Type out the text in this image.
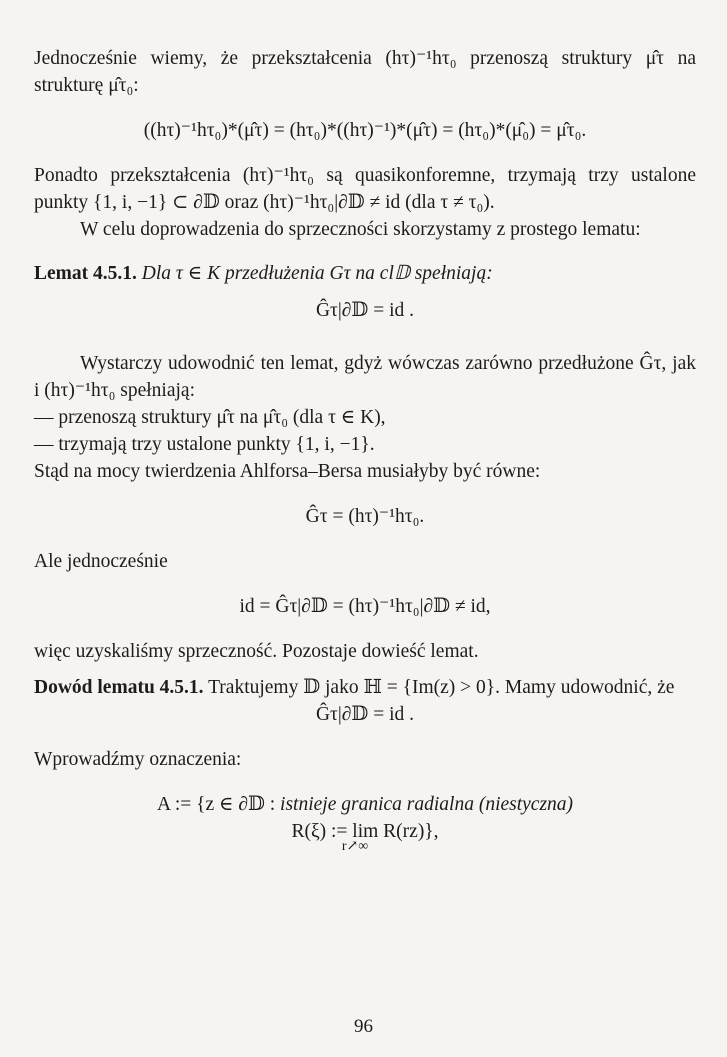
Jednocześnie wiemy, że przekształcenia (hτ)⁻¹hτ₀ przenoszą struktury μ̂τ na strukturę μ̂τ₀:

((hτ)⁻¹hτ₀)*(μ̂τ) = (hτ₀)*((hτ)⁻¹)*(μ̂τ) = (hτ₀)*(μ̂₀) = μ̂τ₀.

Ponadto przekształcenia (hτ)⁻¹hτ₀ są quasikonforemne, trzymają trzy ustalone punkty {1, i, −1} ⊂ ∂𝔻 oraz (hτ)⁻¹hτ₀|∂𝔻 ≠ id (dla τ ≠ τ₀).

W celu doprowadzenia do sprzeczności skorzystamy z prostego lematu:

Lemat 4.5.1. Dla τ ∈ K przedłużenia Gτ na cl𝔻 spełniają:

Ĝτ|∂𝔻 = id .

Wystarczy udowodnić ten lemat, gdyż wówczas zarówno przedłużone Ĝτ, jak i (hτ)⁻¹hτ₀ spełniają:

— przenoszą struktury μ̂τ na μ̂τ₀ (dla τ ∈ K),

— trzymają trzy ustalone punkty {1, i, −1}.

Stąd na mocy twierdzenia Ahlforsa–Bersa musiałyby być równe:

Ĝτ = (hτ)⁻¹hτ₀.

Ale jednocześnie

id = Ĝτ|∂𝔻 = (hτ)⁻¹hτ₀|∂𝔻 ≠ id,

więc uzyskaliśmy sprzeczność. Pozostaje dowieść lemat.

Dowód lematu 4.5.1. Traktujemy 𝔻 jako ℍ = {Im(z) > 0}. Mamy udowodnić, że

Ĝτ|∂𝔻 = id .

Wprowadźmy oznaczenia:

A := {z ∈ ∂𝔻 : istnieje granica radialna (niestyczna)

R(ξ) := lim R(rz)},

r↗∞

96
